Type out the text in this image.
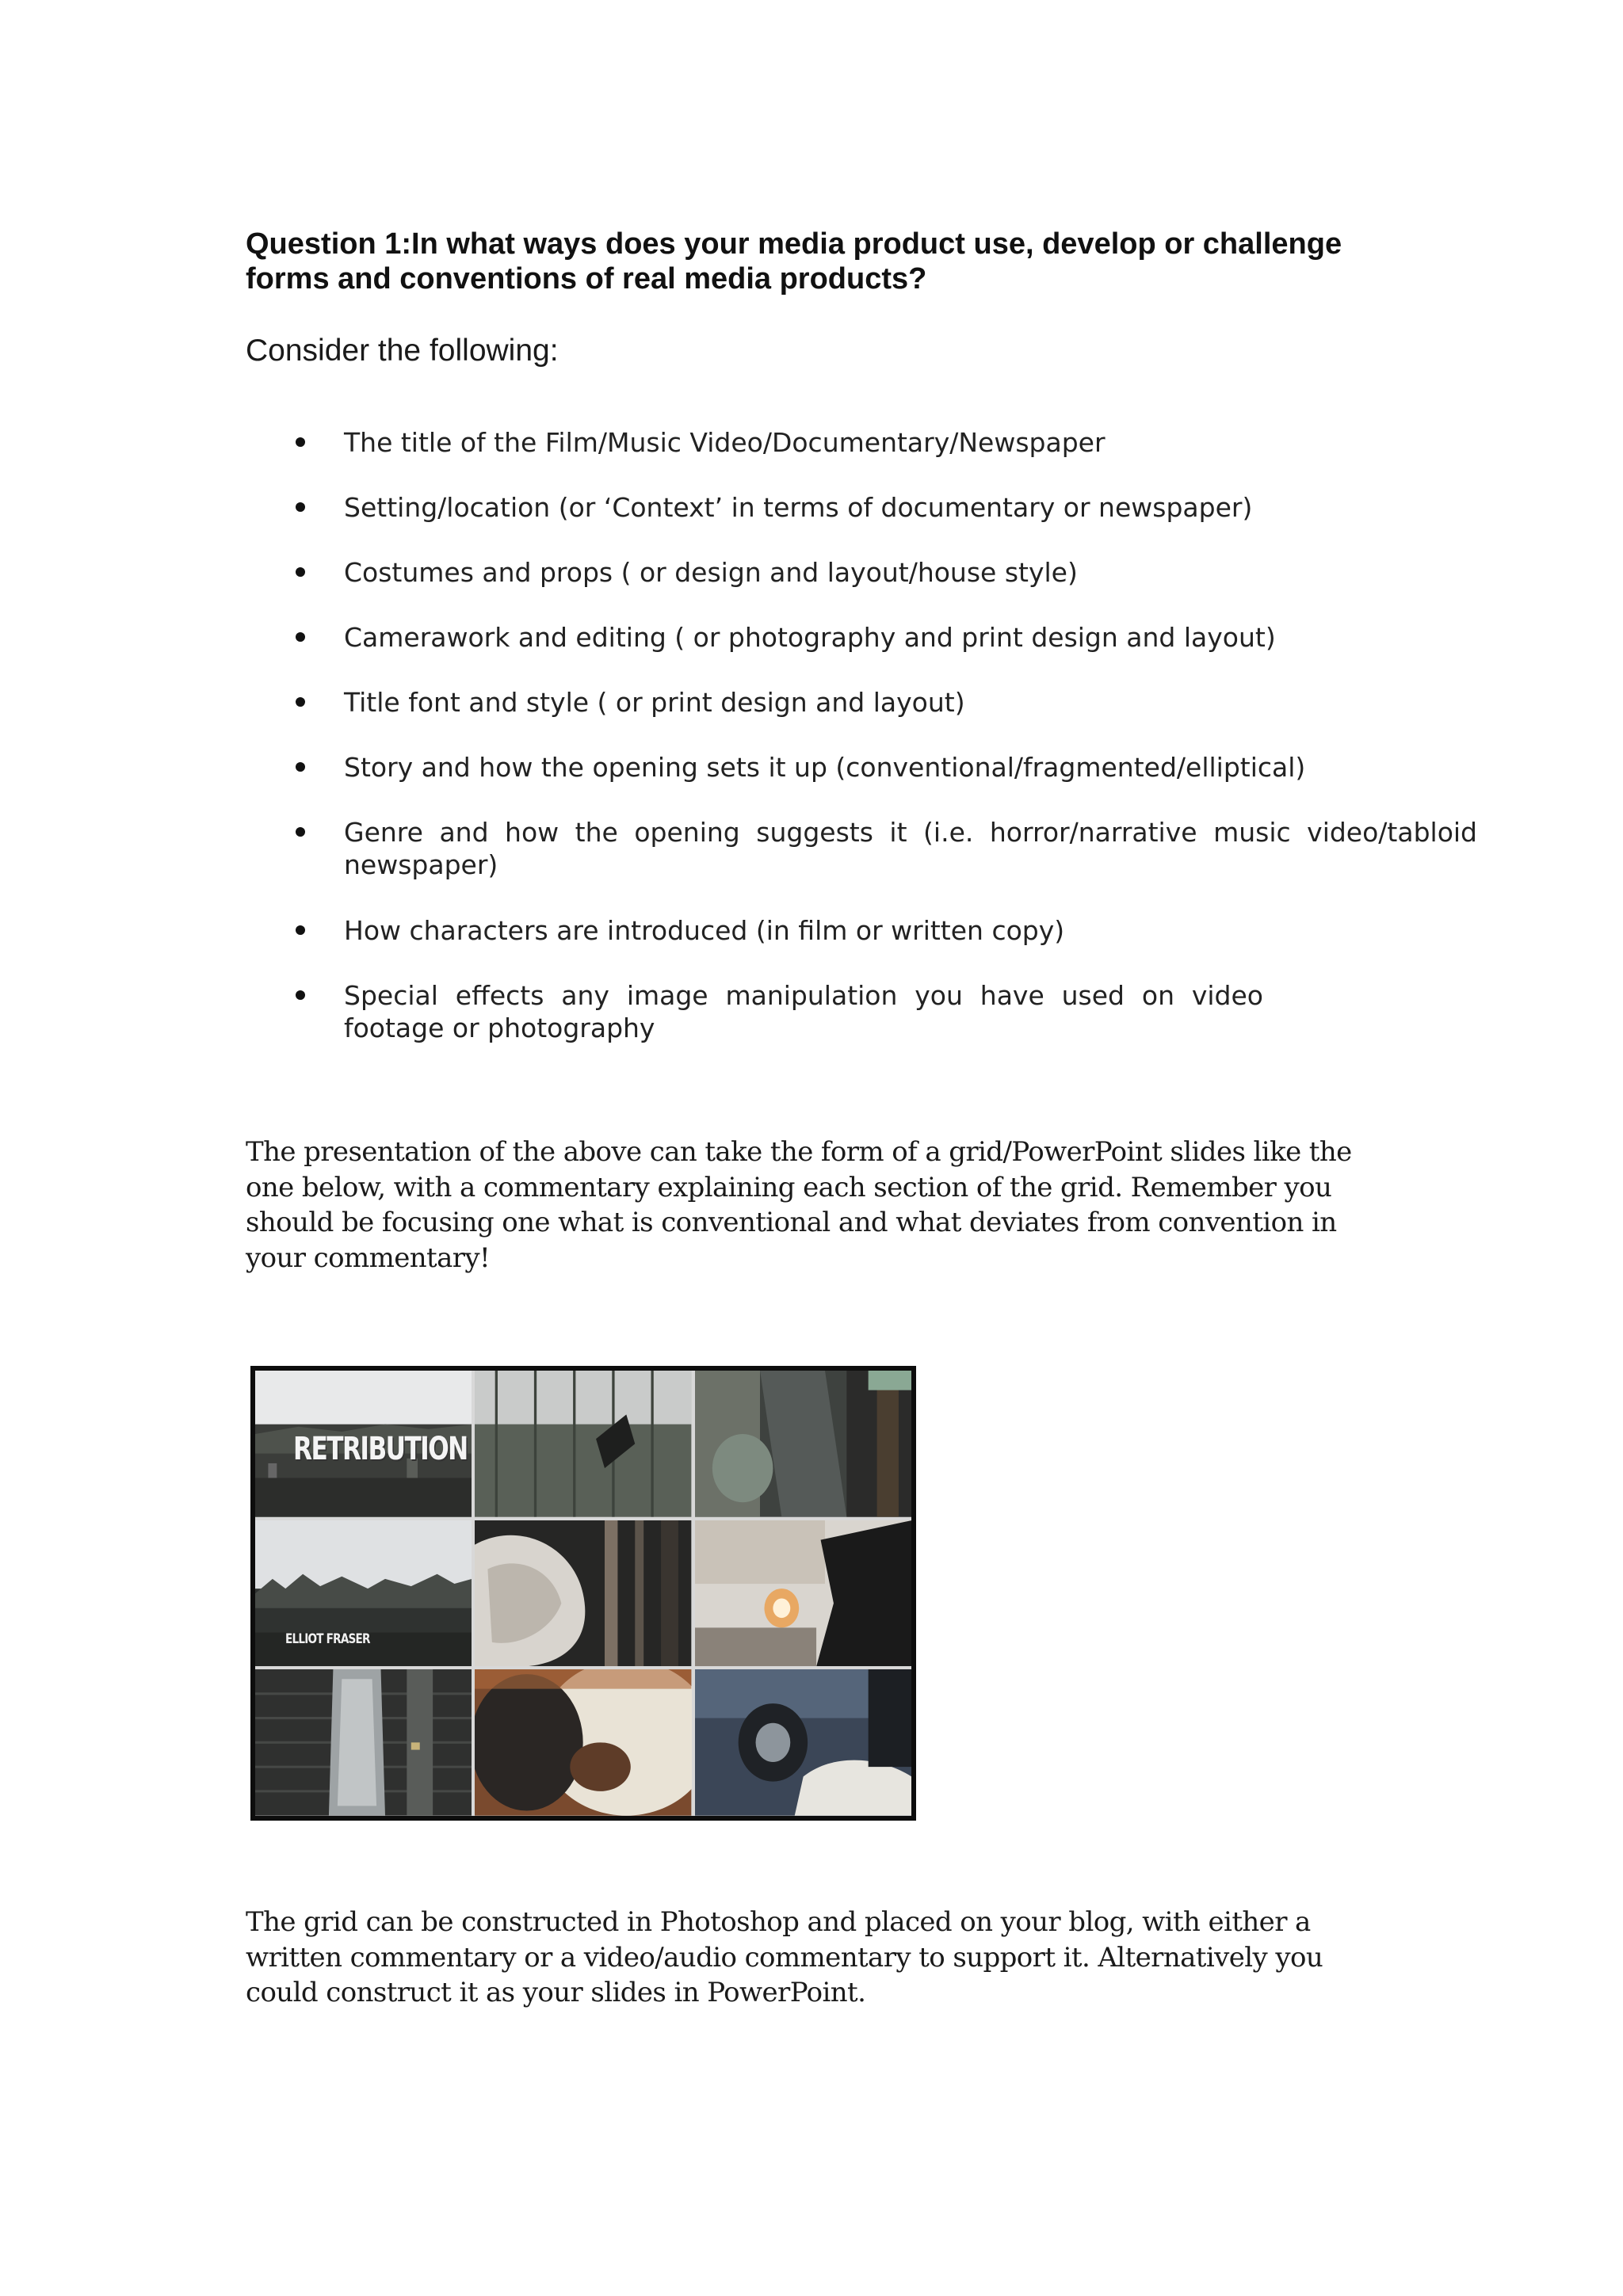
Question 1:In what ways does your media product use, develop or challenge forms and conventions of real media products?

Consider the following:

The title of the Film/Music Video/Documentary/Newspaper
Setting/location (or ‘Context’ in terms of documentary or newspaper)
Costumes and props ( or design and layout/house style)
Camerawork and editing ( or photography and print design and layout)
Title font and style ( or print design and layout)
Story and how the opening sets it up (conventional/fragmented/elliptical)
Genre and how the opening suggests it (i.e. horror/narrative music video/tabloid newspaper)
How characters are introduced (in film or written copy)
Special effects any image manipulation you have used on video footage or photography

The presentation of the above can take the form of a grid/PowerPoint slides like the one below, with a commentary explaining each section of the grid. Remember you should be focusing one what is conventional and what deviates from convention in your commentary!

RETRIBUTION
ELLIOT FRASER

The grid can be constructed in Photoshop and placed on your blog, with either a written commentary or a video/audio commentary to support it. Alternatively you could construct it as your slides in PowerPoint.
